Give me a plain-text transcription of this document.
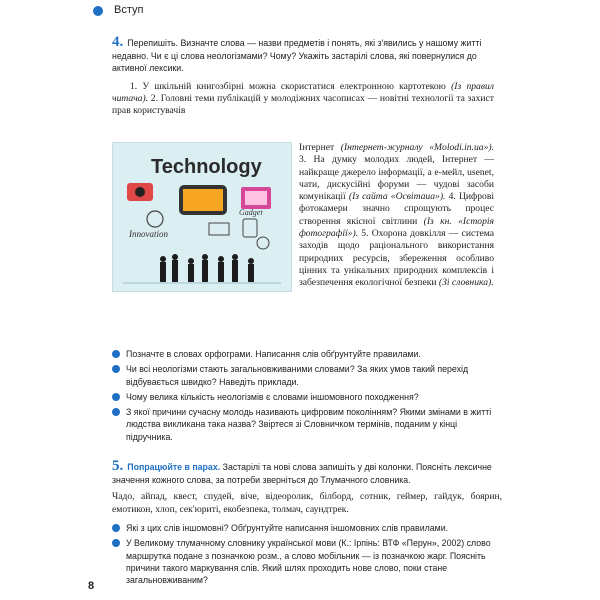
Вступ
4. Перепишіть. Визначте слова — назви предметів і понять, які з'явились у нашому житті недавно. Чи є ці слова неологізмами? Чому? Укажіть застарілі слова, які повернулися до активної лексики.
1. У шкільній книгозбірні можна скористатися електронною картотекою (Із правил читача). 2. Головні теми публікацій у молодіжних часописах — новітні технології та захист прав користувачів
Technology
Innovation
Gadget
Інтернет (Інтернет-журналу «Molodi.in.ua»). 3. На думку молодих людей, Інтернет — найкраще джерело інформації, а е-мейл, usenet, чати, дискусійні форуми — чудові засоби комунікації (Із сайта «Освітаua»). 4. Цифрові фотокамери значно спрощують процес створення якісної світлини (Із кн. «Історія фотографії»). 5. Охорона довкілля — система заходів щодо раціонального використання природних ресурсів, збереження особливо цінних та унікальних природних комплексів і забезпечення екологічної безпеки (Зі словника).
Позначте в словах орфограми. Написання слів обґрунтуйте правилами.
Чи всі неологізми стають загальновживаними словами? За яких умов такий перехід відбувається швидко? Наведіть приклади.
Чому велика кількість неологізмів є словами іншомовного походження?
З якої причини сучасну молодь називають цифровим поколінням? Якими змінами в житті людства викликана така назва? Звіртеся зі Словничком термінів, поданим у кінці підручника.
5. Попрацюйте в парах. Застарілі та нові слова запишіть у дві колонки. Поясніть лексичне значення кожного слова, за потреби зверніться до Тлумачного словника.
Чадо, айпад, квест, спудей, віче, відеоролик, білборд, сотник, геймер, гайдук, боярин, емотикон, хлоп, сек'юриті, екобезпека, толмач, саундтрек.
Які з цих слів іншомовні? Обґрунтуйте написання іншомовних слів правилами.
У Великому тлумачному словнику української мови (К.: Ірпінь: ВТФ «Перун», 2002) слово маршрутка подане з позначкою розм., а слово мобільник — із позначкою жарг. Поясніть причини такого маркування слів. Який шлях проходить нове слово, поки стане загальновживаним?
8
